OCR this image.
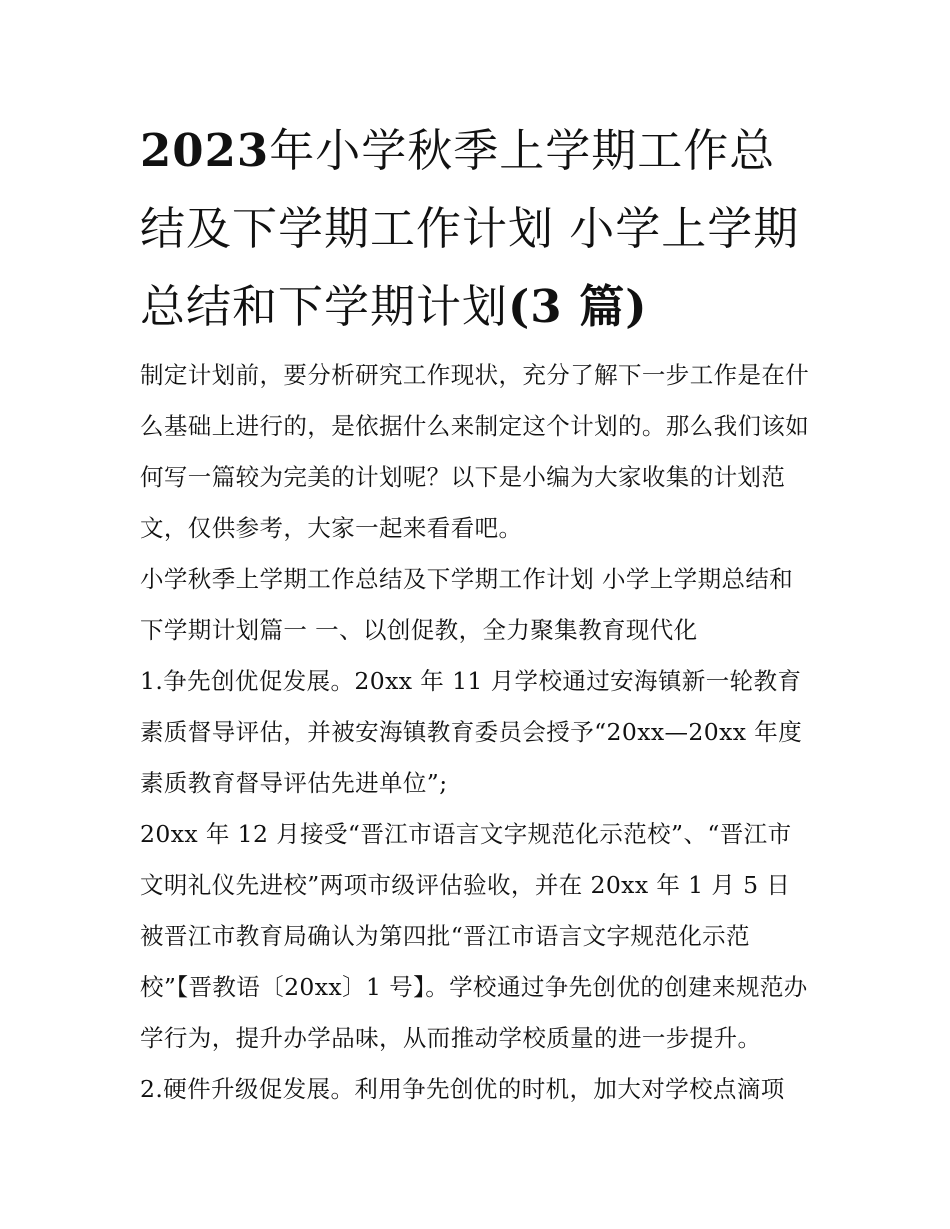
2023年小学秋季上学期工作总结及下学期工作计划 小学上学期总结和下学期计划(3 篇)

制定计划前，要分析研究工作现状，充分了解下一步工作是在什么基础上进行的，是依据什么来制定这个计划的。那么我们该如何写一篇较为完美的计划呢？以下是小编为大家收集的计划范文，仅供参考，大家一起来看看吧。

小学秋季上学期工作总结及下学期工作计划 小学上学期总结和下学期计划篇一 一、以创促教，全力聚集教育现代化

1.争先创优促发展。20xx 年 11 月学校通过安海镇新一轮教育素质督导评估，并被安海镇教育委员会授予“20xx—20xx 年度素质教育督导评估先进单位”;

20xx 年 12 月接受“晋江市语言文字规范化示范校”、“晋江市文明礼仪先进校”两项市级评估验收，并在 20xx 年 1 月 5 日被晋江市教育局确认为第四批“晋江市语言文字规范化示范校”【晋教语〔20xx〕1 号】。学校通过争先创优的创建来规范办学行为，提升办学品味，从而推动学校质量的进一步提升。

2.硬件升级促发展。利用争先创优的时机，加大对学校点滴项
